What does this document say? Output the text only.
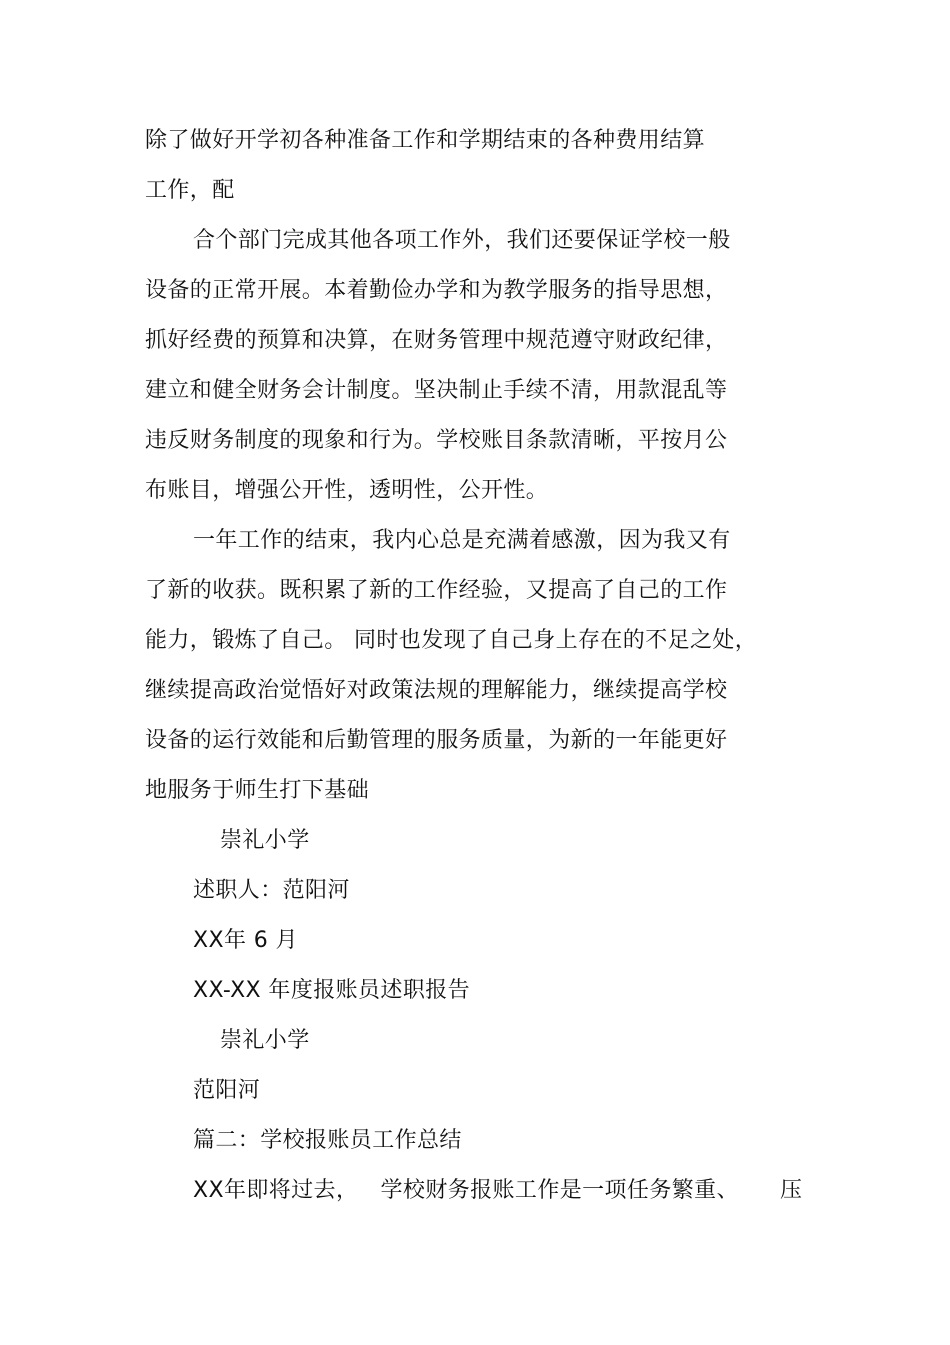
除了做好开学初各种准备工作和学期结束的各种费用结算
工作，配
合个部门完成其他各项工作外，我们还要保证学校一般
设备的正常开展。本着勤俭办学和为教学服务的指导思想，
抓好经费的预算和决算，在财务管理中规范遵守财政纪律，
建立和健全财务会计制度。坚决制止手续不清，用款混乱等
违反财务制度的现象和行为。学校账目条款清晰，平按月公
布账目，增强公开性，透明性，公开性。
一年工作的结束，我内心总是充满着感激，因为我又有
了新的收获。既积累了新的工作经验，又提高了自己的工作
能力，锻炼了自己。 同时也发现了自己身上存在的不足之处，
继续提高政治觉悟好对政策法规的理解能力，继续提高学校
设备的运行效能和后勤管理的服务质量，为新的一年能更好
地服务于师生打下基础
崇礼小学
述职人：范阳河
XX年 6 月
XX-XX 年度报账员述职报告
崇礼小学
范阳河
篇二：学校报账员工作总结
XX年即将过去，   学校财务报账工作是一项任务繁重、 压
